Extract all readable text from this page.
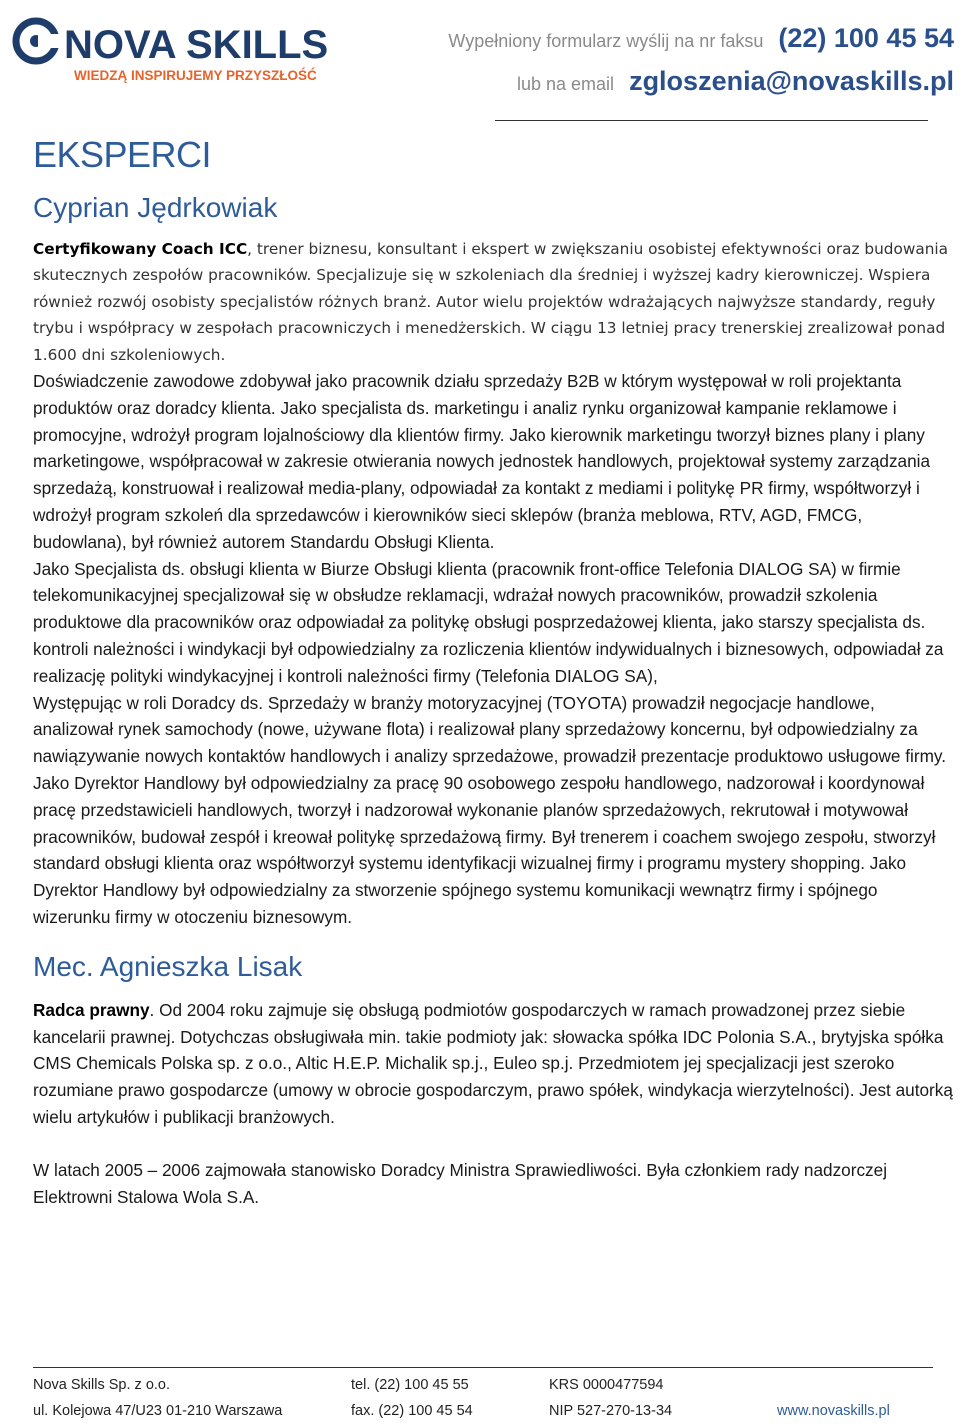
NOVA SKILLS
WIEDZĄ INSPIRUJEMY PRZYSZŁOŚĆ
Wypełniony formularz wyślij na nr faksu (22) 100 45 54
lub na email zgloszenia@novaskills.pl
EKSPERCI
Cyprian Jędrkowiak

Certyfikowany Coach ICC, trener biznesu, konsultant i ekspert w zwiększaniu osobistej efektywności oraz budowania skutecznych zespołów pracowników. Specjalizuje się w szkoleniach dla średniej i wyższej kadry kierowniczej. Wspiera również rozwój osobisty specjalistów różnych branż. Autor wielu projektów wdrażających najwyższe standardy, reguły trybu i współpracy w zespołach pracowniczych i menedżerskich. W ciągu 13 letniej pracy trenerskiej zrealizował ponad 1.600 dni szkoleniowych.

Doświadczenie zawodowe zdobywał jako pracownik działu sprzedaży B2B w którym występował w roli projektanta produktów oraz doradcy klienta. Jako specjalista ds. marketingu i analiz rynku organizował kampanie reklamowe i promocyjne, wdrożył program lojalnościowy dla klientów firmy. Jako kierownik marketingu tworzył biznes plany i plany marketingowe, współpracował w zakresie otwierania nowych jednostek handlowych, projektował systemy zarządzania sprzedażą, konstruował i realizował media-plany, odpowiadał za kontakt z mediami i politykę PR firmy, współtworzył i wdrożył program szkoleń dla sprzedawców i kierowników sieci sklepów (branża meblowa, RTV, AGD, FMCG, budowlana), był również autorem Standardu Obsługi Klienta.

Jako Specjalista ds. obsługi klienta w Biurze Obsługi klienta (pracownik front-office Telefonia DIALOG SA) w firmie telekomunikacyjnej specjalizował się w obsłudze reklamacji, wdrażał nowych pracowników, prowadził szkolenia produktowe dla pracowników oraz odpowiadał za politykę obsługi posprzedażowej klienta, jako starszy specjalista ds. kontroli należności i windykacji był odpowiedzialny za rozliczenia klientów indywidualnych i biznesowych, odpowiadał za realizację polityki windykacyjnej i kontroli należności firmy (Telefonia DIALOG SA),

Występując w roli Doradcy ds. Sprzedaży w branży motoryzacyjnej (TOYOTA) prowadził negocjacje handlowe, analizował rynek samochody (nowe, używane flota) i realizował plany sprzedażowy koncernu, był odpowiedzialny za nawiązywanie nowych kontaktów handlowych i analizy sprzedażowe, prowadził prezentacje produktowo usługowe firmy. Jako Dyrektor Handlowy był odpowiedzialny za pracę 90 osobowego zespołu handlowego, nadzorował i koordynował pracę przedstawicieli handlowych, tworzył i nadzorował wykonanie planów sprzedażowych, rekrutował i motywował pracowników, budował zespół i kreował politykę sprzedażową firmy. Był trenerem i coachem swojego zespołu, stworzył standard obsługi klienta oraz współtworzył systemu identyfikacji wizualnej firmy i programu mystery shopping. Jako Dyrektor Handlowy był odpowiedzialny za stworzenie spójnego systemu komunikacji wewnątrz firmy i spójnego wizerunku firmy w otoczeniu biznesowym.

Mec. Agnieszka Lisak

Radca prawny. Od 2004 roku zajmuje się obsługą podmiotów gospodarczych w ramach prowadzonej przez siebie kancelarii prawnej. Dotychczas obsługiwała min. takie podmioty jak: słowacka spółka IDC Polonia S.A., brytyjska spółka CMS Chemicals Polska sp. z o.o., Altic H.E.P. Michalik sp.j., Euleo sp.j. Przedmiotem jej specjalizacji jest szeroko rozumiane prawo gospodarcze (umowy w obrocie gospodarczym, prawo spółek, windykacja wierzytelności). Jest autorką wielu artykułów i publikacji branżowych.

W latach 2005 – 2006 zajmowała stanowisko Doradcy Ministra Sprawiedliwości. Była członkiem rady nadzorczej Elektrowni Stalowa Wola S.A.

Nova Skills Sp. z o.o.	tel. (22) 100 45 55	KRS 0000477594
ul. Kolejowa 47/U23 01-210 Warszawa	fax. (22) 100 45 54	NIP 527-270-13-34	www.novaskills.pl
